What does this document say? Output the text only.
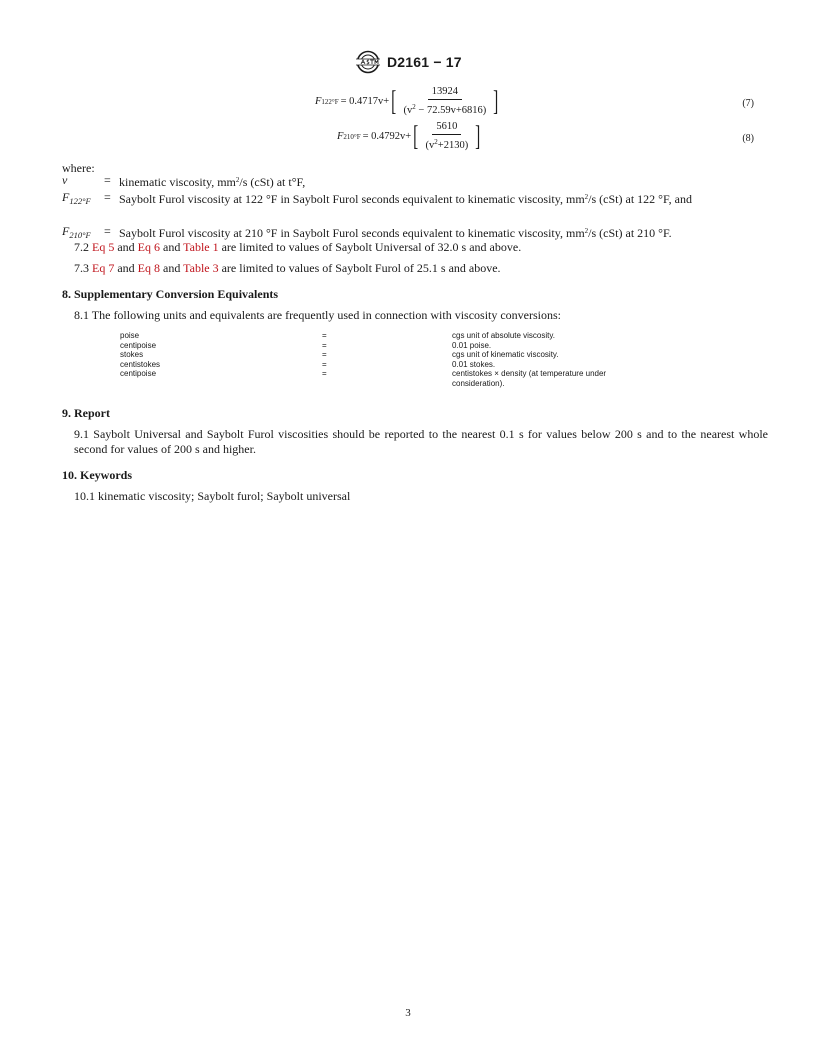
D2161 − 17
F 122°F = 0.4717v+ [ $\frac{13924}{(v^2 - 72.59v+6816)}$ ]	(7)
F 210°F = 0.4792v+ [ $\frac{5610}{(v^2+2130)}$ ]	(8)
where:
v	= kinematic viscosity, $mm^2/s$ (cSt) at t°F,
$F_{122^\circ F}$	= Saybolt Furol viscosity at 122 °F in Saybolt Furol seconds equivalent to kinematic viscosity, $mm^2/s$ (cSt) at 122 °F, and
$F_{210^\circ F}$	= Saybolt Furol viscosity at 210 °F in Saybolt Furol seconds equivalent to kinematic viscosity, $mm^2/s$ (cSt) at 210 °F.
7.2 Eq 5 and Eq 6 and Table 1 are limited to values of Saybolt Universal of 32.0 s and above.
7.3 Eq 7 and Eq 8 and Table 3 are limited to values of Saybolt Furol of 25.1 s and above.
8. Supplementary Conversion Equivalents
8.1 The following units and equivalents are frequently used in connection with viscosity conversions:
poise	=	cgs unit of absolute viscosity.
centipoise	=	0.01 poise.
stokes	=	cgs unit of kinematic viscosity.
centistokes	=	0.01 stokes.
centipoise	=	centistokes × density (at temperature under
consideration).
9. Report
9.1 Saybolt Universal and Saybolt Furol viscosities should be reported to the nearest 0.1 s for values below 200 s and to the nearest whole second for values of 200 s and higher.
10. Keywords
10.1 kinematic viscosity; Saybolt furol; Saybolt universal
3
